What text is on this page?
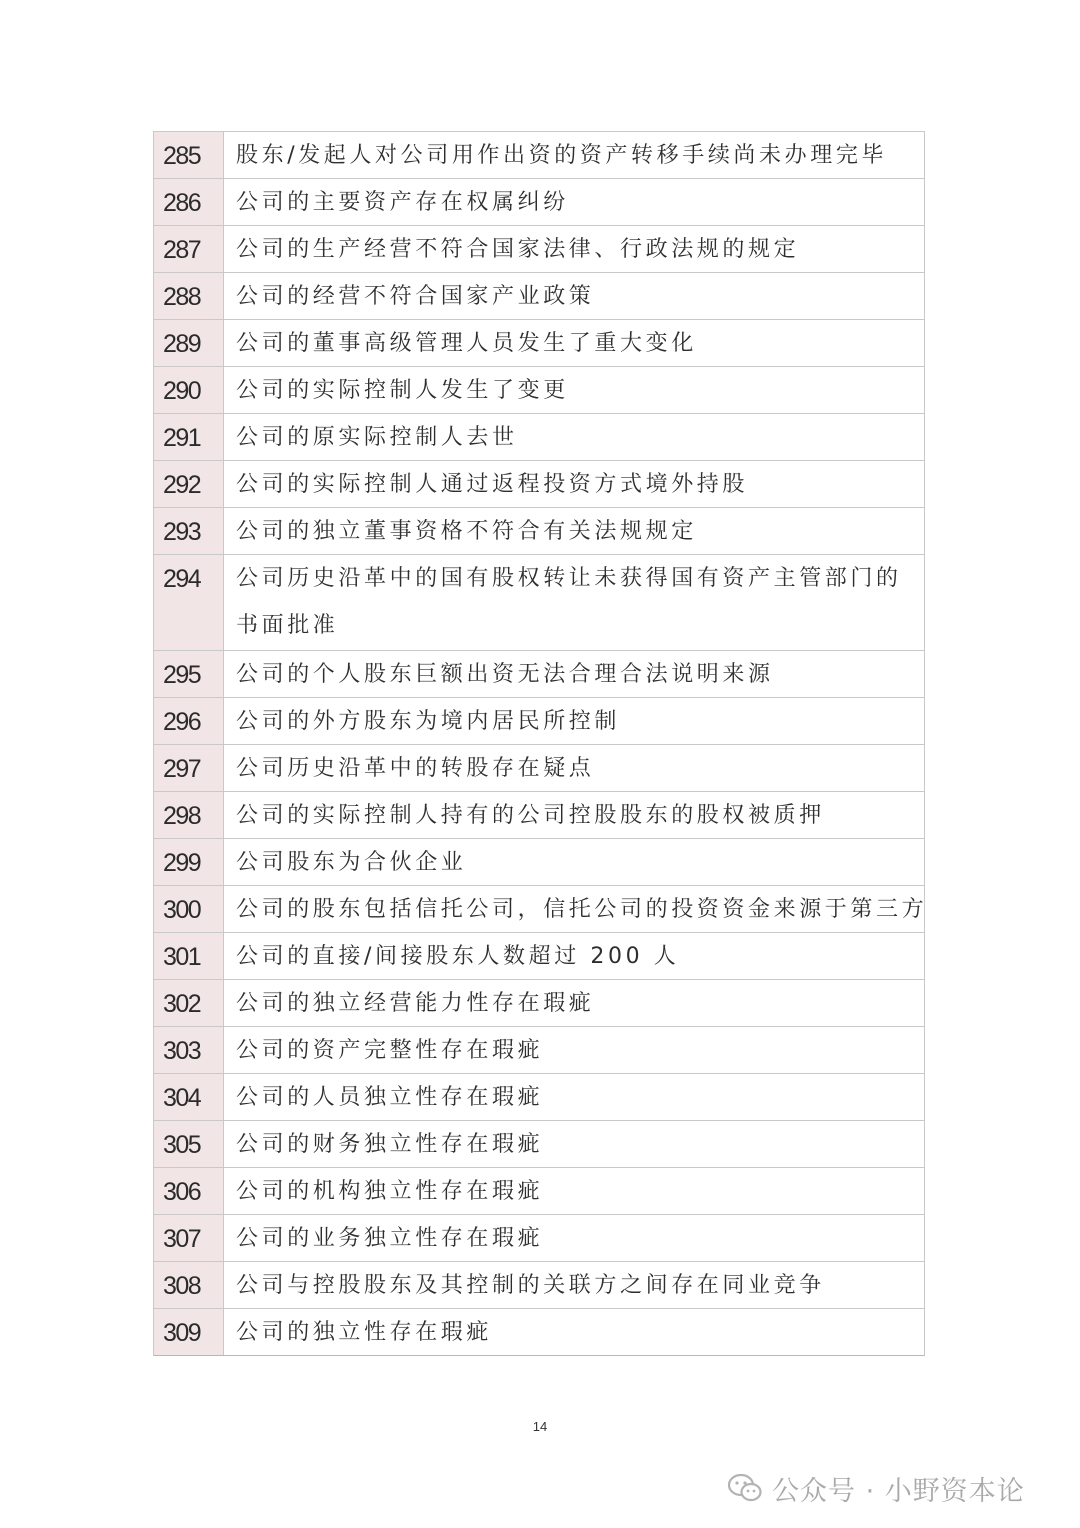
285	股东/发起人对公司用作出资的资产转移手续尚未办理完毕
286	公司的主要资产存在权属纠纷
287	公司的生产经营不符合国家法律、行政法规的规定
288	公司的经营不符合国家产业政策
289	公司的董事高级管理人员发生了重大变化
290	公司的实际控制人发生了变更
291	公司的原实际控制人去世
292	公司的实际控制人通过返程投资方式境外持股
293	公司的独立董事资格不符合有关法规规定
294	公司历史沿革中的国有股权转让未获得国有资产主管部门的书面批准
295	公司的个人股东巨额出资无法合理合法说明来源
296	公司的外方股东为境内居民所控制
297	公司历史沿革中的转股存在疑点
298	公司的实际控制人持有的公司控股股东的股权被质押
299	公司股东为合伙企业
300	公司的股东包括信托公司，信托公司的投资资金来源于第三方
301	公司的直接/间接股东人数超过 200 人
302	公司的独立经营能力性存在瑕疵
303	公司的资产完整性存在瑕疵
304	公司的人员独立性存在瑕疵
305	公司的财务独立性存在瑕疵
306	公司的机构独立性存在瑕疵
307	公司的业务独立性存在瑕疵
308	公司与控股股东及其控制的关联方之间存在同业竞争
309	公司的独立性存在瑕疵
14
公众号 · 小野资本论
